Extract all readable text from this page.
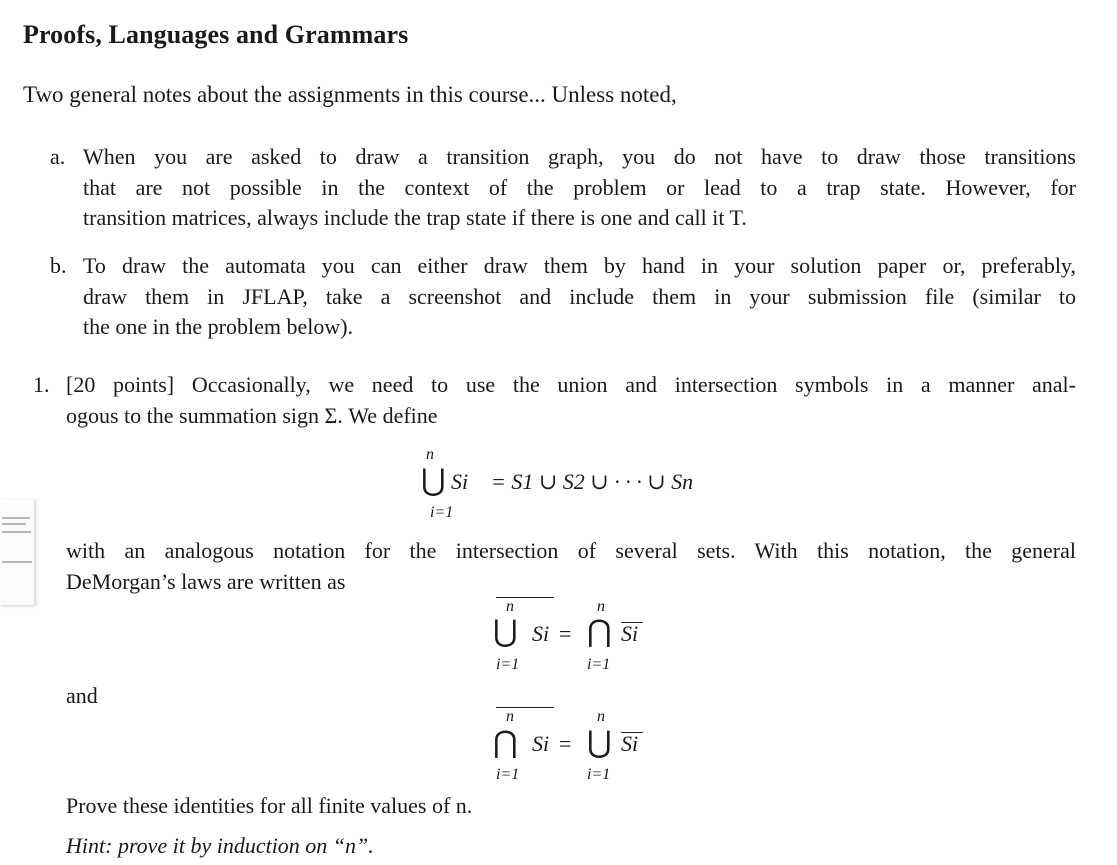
Proofs, Languages and Grammars
Two general notes about the assignments in this course... Unless noted,
a. When you are asked to draw a transition graph, you do not have to draw those transitions
that are not possible in the context of the problem or lead to a trap state. However, for
transition matrices, always include the trap state if there is one and call it T.
b. To draw the automata you can either draw them by hand in your solution paper or, preferably,
draw them in JFLAP, take a screenshot and include them in your submission file (similar to
the one in the problem below).
1. [20 points] Occasionally, we need to use the union and intersection symbols in a manner anal-
ogous to the summation sign Σ. We define
n
⋃
i=1
Si = S1 ∪ S2 ∪ · · · ∪ Sn
with an analogous notation for the intersection of several sets. With this notation, the general
DeMorgan’s laws are written as
n
⋃
i=1
Si =
n
⋂
i=1
Si
and
n
⋂
i=1
Si =
n
⋃
i=1
Si
Prove these identities for all finite values of n.
Hint: prove it by induction on “n”.
